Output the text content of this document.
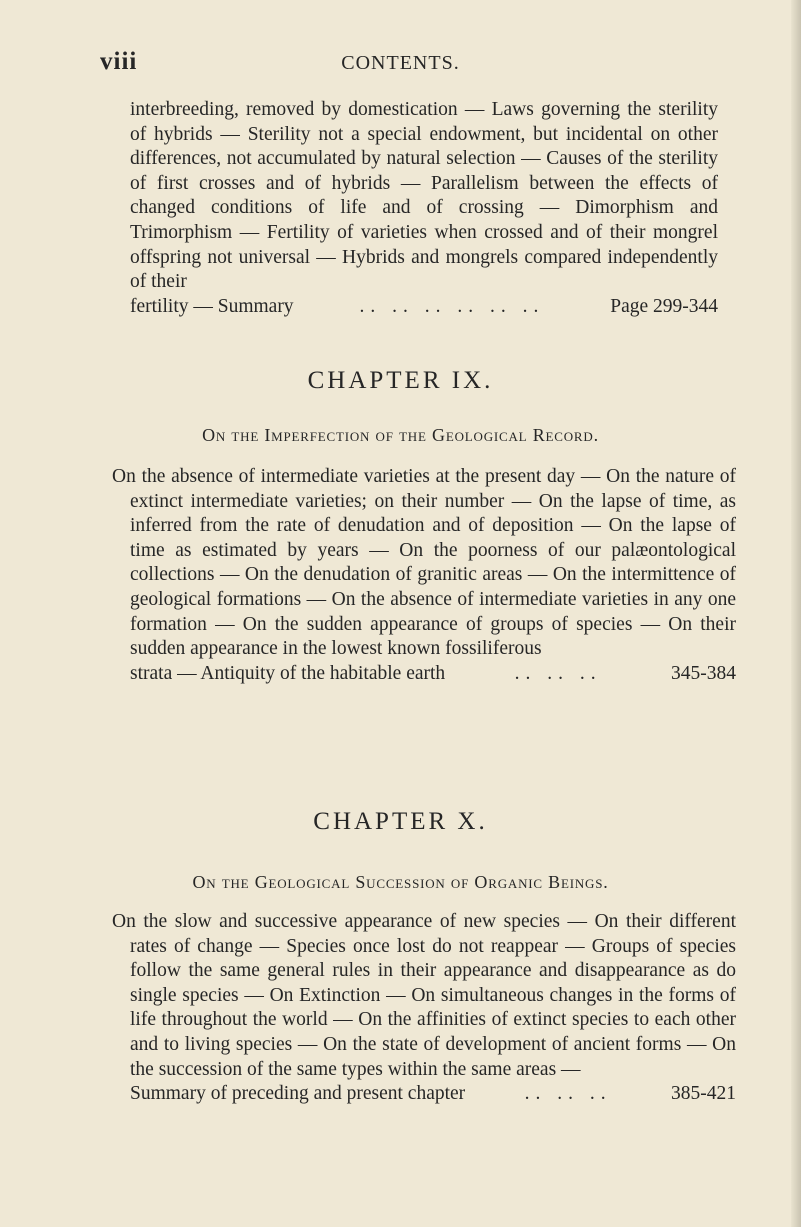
viii	CONTENTS.
interbreeding, removed by domestication — Laws governing the sterility of hybrids — Sterility not a special endowment, but incidental on other differences, not accumulated by natural selection — Causes of the sterility of first crosses and of hybrids — Parallelism between the effects of changed conditions of life and of crossing — Dimorphism and Trimorphism — Fertility of varieties when crossed and of their mongrel offspring not universal — Hybrids and mongrels compared independently of their
fertility — Summary	.. .. .. .. .. ..	Page 299-344
CHAPTER IX.
On the Imperfection of the Geological Record.
On the absence of intermediate varieties at the present day — On the nature of extinct intermediate varieties; on their number — On the lapse of time, as inferred from the rate of denudation and of deposition — On the lapse of time as estimated by years — On the poorness of our palæontological collections — On the denudation of granitic areas — On the intermittence of geological formations — On the absence of intermediate varieties in any one formation — On the sudden appearance of groups of species — On their sudden appearance in the lowest known fossiliferous
strata — Antiquity of the habitable earth	.. .. ..	345-384
CHAPTER X.
On the Geological Succession of Organic Beings.
On the slow and successive appearance of new species — On their different rates of change — Species once lost do not reappear — Groups of species follow the same general rules in their appearance and disappearance as do single species — On Extinction — On simultaneous changes in the forms of life throughout the world — On the affinities of extinct species to each other and to living species — On the state of development of ancient forms — On the succession of the same types within the same areas —
Summary of preceding and present chapter	.. .. ..	385-421
